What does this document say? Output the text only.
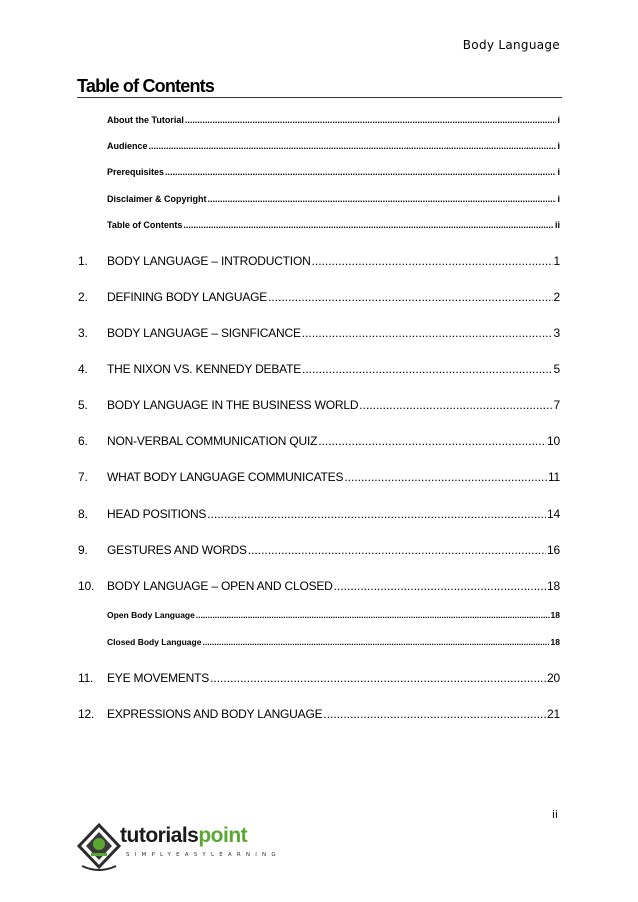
Body Language
Table of Contents
About the Tutorial .....	i
Audience .....	i
Prerequisites .....	i
Disclaimer & Copyright .....	i
Table of Contents .....	ii
1.	BODY LANGUAGE – INTRODUCTION .....	1
2.	DEFINING BODY LANGUAGE .....	2
3.	BODY LANGUAGE – SIGNFICANCE .....	3
4.	THE NIXON VS. KENNEDY DEBATE .....	5
5.	BODY LANGUAGE IN THE BUSINESS WORLD .....	7
6.	NON-VERBAL COMMUNICATION QUIZ .....	10
7.	WHAT BODY LANGUAGE COMMUNICATES .....	11
8.	HEAD POSITIONS .....	14
9.	GESTURES AND WORDS .....	16
10.	BODY LANGUAGE – OPEN AND CLOSED .....	18
Open Body Language .....	18
Closed Body Language .....	18
11.	EYE MOVEMENTS .....	20
12.	EXPRESSIONS AND BODY LANGUAGE .....	21
ii
tutorialspoint
SIMPLYEASYLEARNING
